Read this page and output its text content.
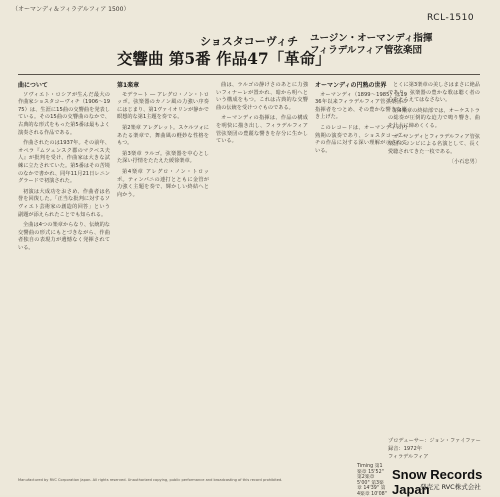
（オーマンディ＆フィラデルフィア 1500）
RCL-1510
ショスタコーヴィチ
交響曲 第5番 作品47「革命」
ユージン・オーマンディ指揮
フィラデルフィア管弦楽団
曲について

ソヴィエト・ロシアが生んだ最大の作曲家ショスタコーヴィチ（1906〜1975）は、生涯に15曲の交響曲を発表している。その15曲の交響曲のなかで、古典的な形式をもった第5番は最もよく演奏される作品である。

作曲されたのは1937年。その前年、オペラ『ムツェンスク郡のマクベス夫人』が批判を受け、作曲家は大きな試練に立たされていた。第5番はその苦境のなかで書かれ、同年11月21日レニングラードで初演された。

初演は大成功をおさめ、作曲者は名誉を回復した。「正当な批判に対するソヴィエト芸術家の創造的回答」という副題が添えられたことでも知られる。

全曲は4つの楽章からなり、伝統的な交響曲の形式にもとづきながら、作曲者独自の表現力が遺憾なく発揮されている。

第1楽章

モデラート ― アレグロ・ノン・トロッポ。弦楽器のカノン風の力強い序奏にはじまり、第1ヴァイオリンが静かで瞑想的な第1主題を奏でる。

第2楽章 アレグレット。スケルツォにあたる楽章で、舞曲風の軽妙な性格をもつ。

第3楽章 ラルゴ。弦楽器を中心とした深い抒情をたたえた緩徐楽章。

第4楽章 アレグロ・ノン・トロッポ。ティンパニの連打とともに金管が力強く主題を奏で、輝かしい終結へと向かう。

曲は、ラルゴの静けさのあとに力強いフィナーレが置かれ、暗から明へという構成をもつ。これは古典的な交響曲の伝統を受けつぐものである。

オーマンディの指揮は、作品の構成を明快に描き出し、フィラデルフィア管弦楽団の豊麗な響きを存分に生かしている。

オーマンディの円熟の世界

オーマンディ（1899〜1985）は1936年以来フィラデルフィア管弦楽団の指揮者をつとめ、その豊かな響きを築き上げた。

このレコードは、オーマンディの円熟期の演奏であり、ショスタコーヴィチの作品に対する深い理解が示されている。

とくに第3楽章の美しさはまさに絶品であり、弦楽器の豊かな歌は聴く者の心をとらえてはなさない。

第4楽章の終結部では、オーケストラの総奏が圧倒的な迫力で鳴り響き、曲を壮大に締めくくる。

オーマンディとフィラデルフィア管弦楽団のコンビによる名演として、長く愛聴されてきた一枚である。

〔小石忠男〕

プロデューサー：ジョン・ファイファー
録音：1972年
フィラデルフィア
Timing 第1楽章 15'52" 第2楽章 5'00" 第3楽章 14'39" 第4楽章 10'08"
Snow Records Japan
発売元 RVC株式会社
Manufactured by RVC Corporation Japan. All rights reserved. Unauthorized copying, public performance and broadcasting of this record prohibited.
